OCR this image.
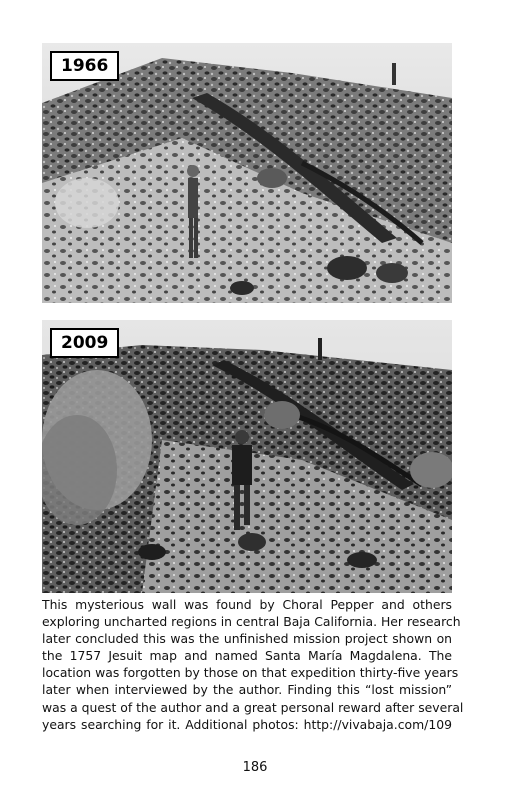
1966
2009

This mysterious wall was found by Choral Pepper and others
exploring uncharted regions in central Baja California. Her research
later concluded this was the unfinished mission project shown on
the 1757 Jesuit map and named Santa María Magdalena. The
location was forgotten by those on that expedition thirty-five years
later when interviewed by the author. Finding this “lost mission”
was a quest of the author and a great personal reward after several
years searching for it. Additional photos: http://vivabaja.com/109

186
